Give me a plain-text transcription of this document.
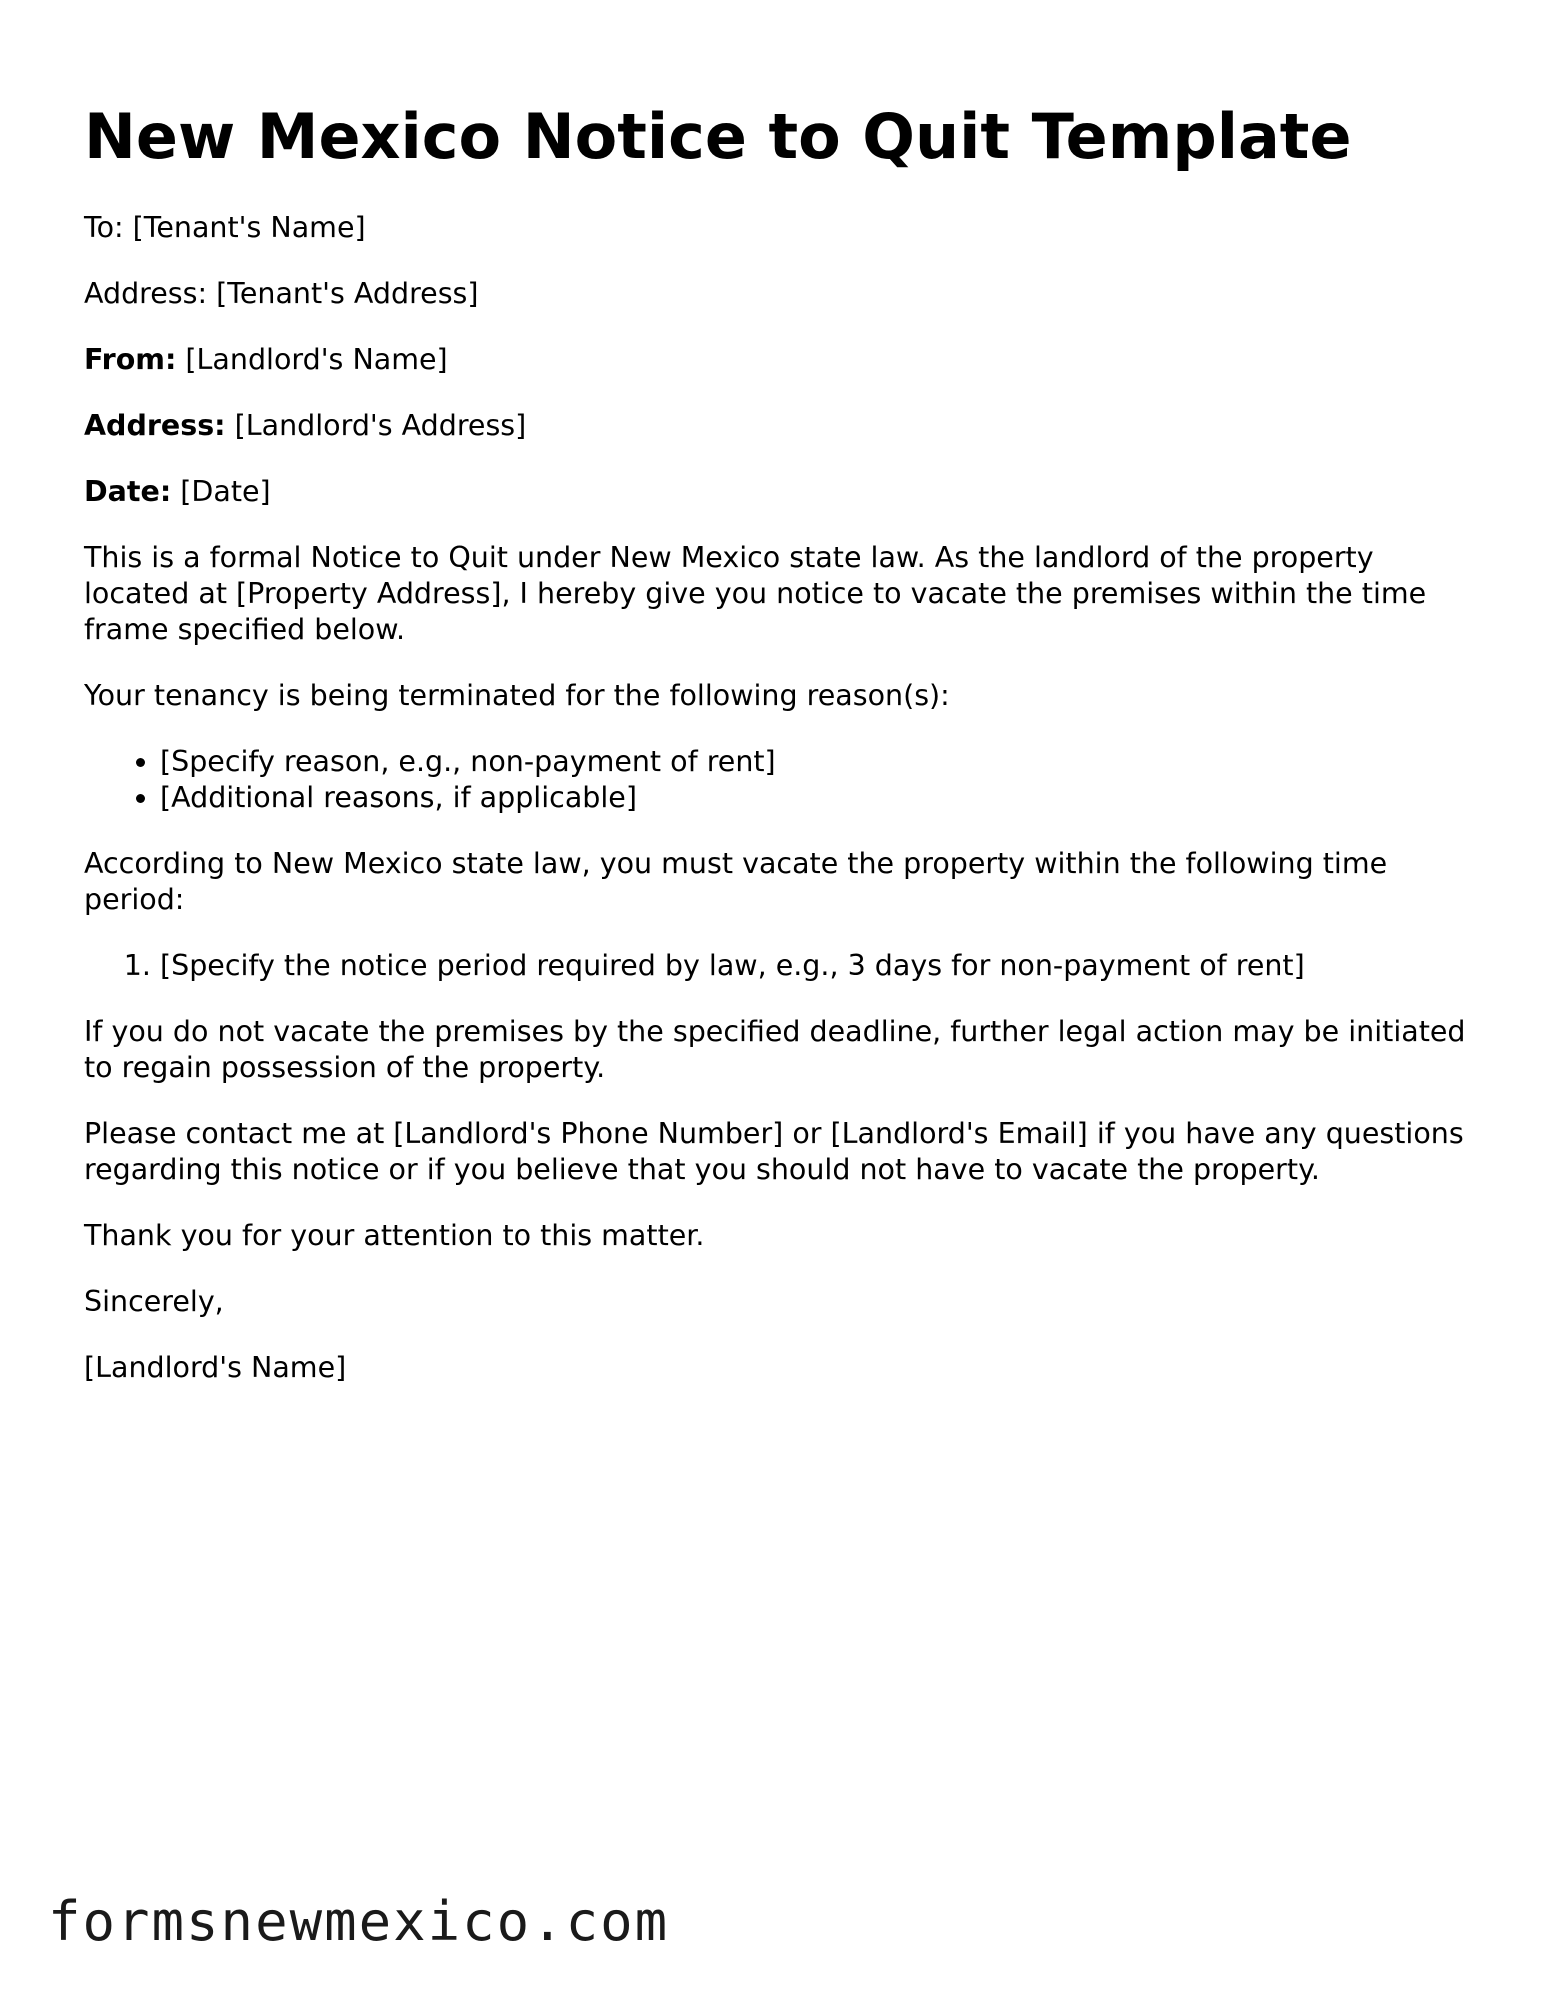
New Mexico Notice to Quit Template

To: [Tenant's Name]

Address: [Tenant's Address]

From: [Landlord's Name]

Address: [Landlord's Address]

Date: [Date]

This is a formal Notice to Quit under New Mexico state law. As the landlord of the property located at [Property Address], I hereby give you notice to vacate the premises within the time frame specified below.

Your tenancy is being terminated for the following reason(s):

• [Specify reason, e.g., non-payment of rent]
• [Additional reasons, if applicable]

According to New Mexico state law, you must vacate the property within the following time period:

1. [Specify the notice period required by law, e.g., 3 days for non-payment of rent]

If you do not vacate the premises by the specified deadline, further legal action may be initiated to regain possession of the property.

Please contact me at [Landlord's Phone Number] or [Landlord's Email] if you have any questions regarding this notice or if you believe that you should not have to vacate the property.

Thank you for your attention to this matter.

Sincerely,

[Landlord's Name]

formsnewmexico.com
